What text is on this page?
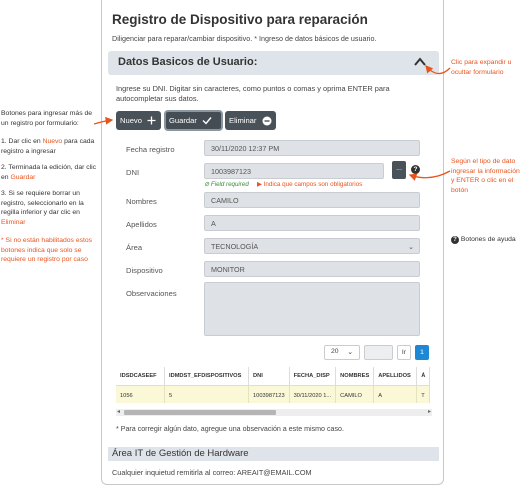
Registro de Dispositivo para reparación
Diligenciar para reparar/cambiar dispositivo. * Ingreso de datos básicos de usuario.
Datos Basicos de Usuario:
Ingrese su DNI. Digitar sin caracteres, como puntos o comas y oprima ENTER para autocompletar sus datos.
Nuevo	Guardar	Eliminar
Fecha registro	30/11/2020 12:37 PM
DNI	1003987123	...	?
⊘ Field required ▶ Indica que campos son obligatorios
Nombres	CAMILO
Apellidos	A
Área	TECNOLOGÍA	⌄
Dispositivo	MONITOR
Observaciones
20 ⌄	Ir	1
IDSDCASEEF	IDMDST_EFDISPOSITIVOS	DNI	FECHA_DISP	NOMBRES	APELLIDOS	Á
1056	5	1003987123	30/11/2020 1...	CAMILO	A	T
◂	▸
* Para corregir algún dato, agregue una observación a este mismo caso.
Área IT de Gestión de Hardware
Cualquier inquietud remitirla al correo: AREAIT@EMAIL.COM
Botones para ingresar más de un registro por formulario:
1. Dar clic en Nuevo para cada registro a ingresar
2. Terminada la edición, dar clic en Guardar
3. Si se requiere borrar un registro, seleccionarlo en la regilla inferior y dar clic en Eliminar
* Si no están habilitados estos botones indica que solo se requiere un registro por caso
Clic para expandir u ocultar formulario
Según el tipo de dato ingresar la información y ENTER o clic en el botón
? Botones de ayuda
